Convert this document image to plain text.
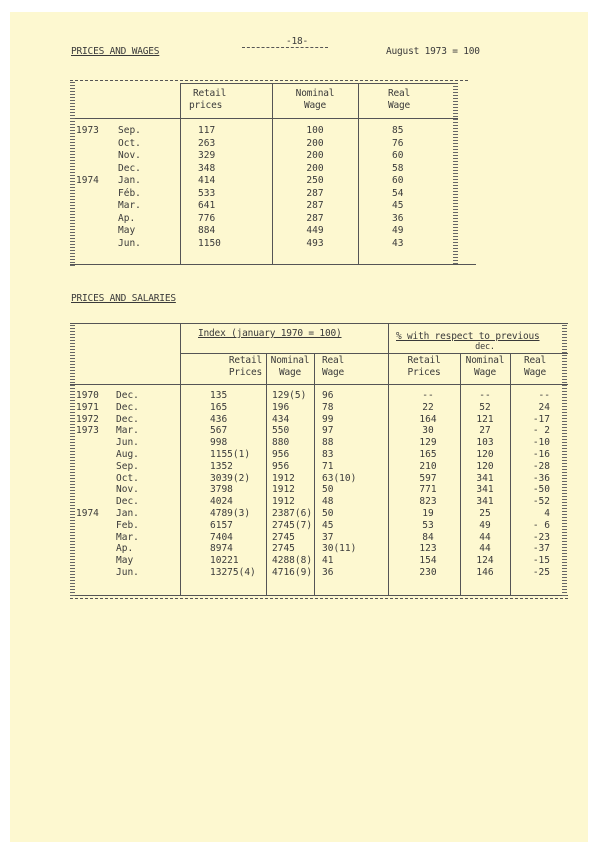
-18-
PRICES AND WAGES	August 1973 = 100
Retail
prices
Nominal
Wage
Real
Wage
1973
1974
Sep.
Oct.
Nov.
Dec.
Jan.
Féb.
Mar.
Ap.
May
Jun.
117
263
329
348
414
533
641
776
884
1150
100
200
200
200
250
287
287
287
449
493
85
76
60
58
60
54
45
36
49
43
PRICES AND SALARIES
Index (january 1970 = 100)	% with respect to previous
dec.
Retail
Prices
Nominal
Wage
Real
Wage
Retail
Prices
Nominal
Wage
Real
Wage
1970
1971
1972
1973
1974
Dec.
Dec.
Dec.
Mar.
Jun.
Aug.
Sep.
Oct.
Nov.
Dec.
Jan.
Feb.
Mar.
Ap.
May
Jun.
135
165
436
567
998
1155(1)
1352
3039(2)
3798
4024
4789(3)
6157
7404
8974
10221
13275(4)
129(5)
196
434
550
880
956
956
1912
1912
1912
2387(6)
2745(7)
2745
2745
4288(8)
4716(9)
96
78
99
97
88
83
71
63(10)
50
48
50
45
37
30(11)
41
36
--
22
164
30
129
165
210
597
771
823
19
53
84
123
154
230
--
52
121
27
103
120
120
341
341
341
25
49
44
44
124
146
--
24
-17
- 2
-10
-16
-28
-36
-50
-52
4
- 6
-23
-37
-15
-25
